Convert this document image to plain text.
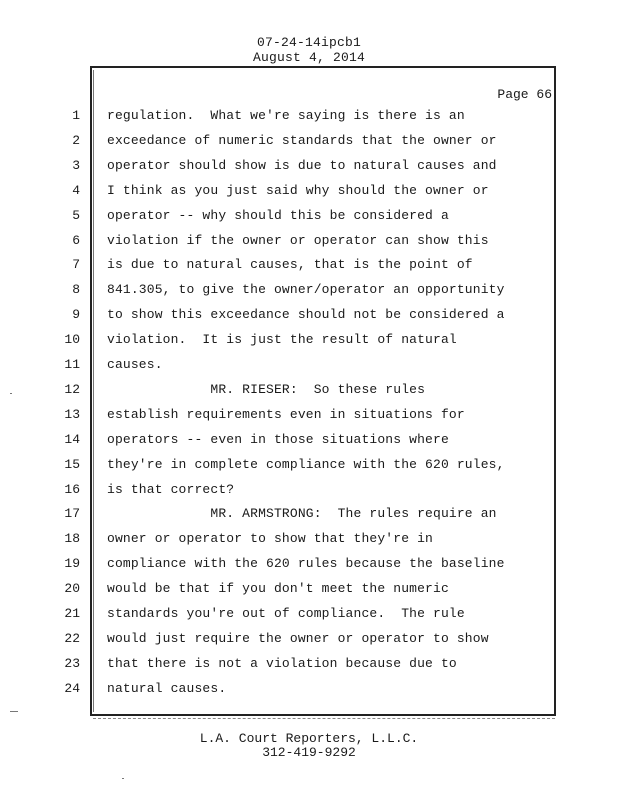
07-24-14ipcb1
August 4, 2014
Page 66
1 regulation.  What we're saying is there is an
2 exceedance of numeric standards that the owner or
3 operator should show is due to natural causes and
4 I think as you just said why should the owner or
5 operator -- why should this be considered a
6 violation if the owner or operator can show this
7 is due to natural causes, that is the point of
8 841.305, to give the owner/operator an opportunity
9 to show this exceedance should not be considered a
10 violation.  It is just the result of natural
11 causes.
12 MR. RIESER:  So these rules
13 establish requirements even in situations for
14 operators -- even in those situations where
15 they're in complete compliance with the 620 rules,
16 is that correct?
17 MR. ARMSTRONG:  The rules require an
18 owner or operator to show that they're in
19 compliance with the 620 rules because the baseline
20 would be that if you don't meet the numeric
21 standards you're out of compliance.  The rule
22 would just require the owner or operator to show
23 that there is not a violation because due to
24 natural causes.
L.A. Court Reporters, L.L.C.
312-419-9292
